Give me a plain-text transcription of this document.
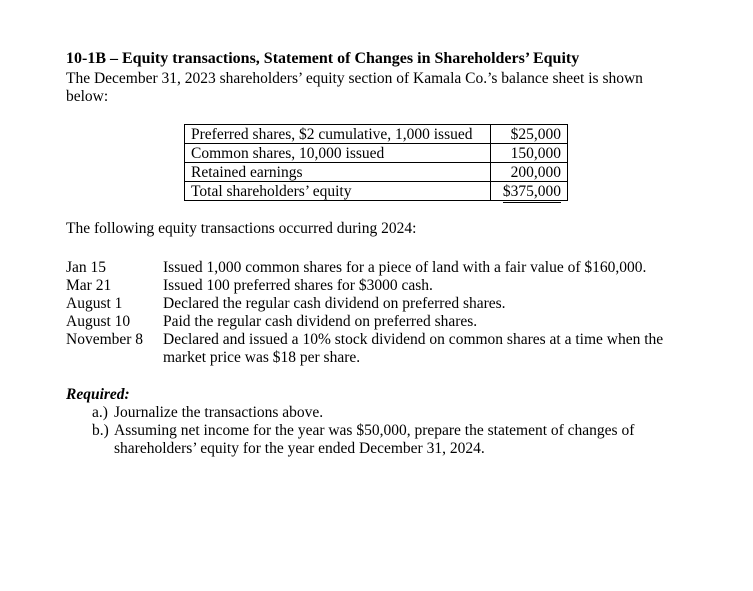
10-1B – Equity transactions, Statement of Changes in Shareholders’ Equity
The December 31, 2023 shareholders’ equity section of Kamala Co.’s balance sheet is shown below:
Preferred shares, $2 cumulative, 1,000 issued	$25,000
Common shares, 10,000 issued	150,000
Retained earnings	200,000
Total shareholders’ equity	$375,000
The following equity transactions occurred during 2024:
Jan 15	Issued 1,000 common shares for a piece of land with a fair value of $160,000.
Mar 21	Issued 100 preferred shares for $3000 cash.
August 1	Declared the regular cash dividend on preferred shares.
August 10	Paid the regular cash dividend on preferred shares.
November 8	Declared and issued a 10% stock dividend on common shares at a time when the market price was $18 per share.
Required:
a.) Journalize the transactions above.
b.) Assuming net income for the year was $50,000, prepare the statement of changes of shareholders’ equity for the year ended December 31, 2024.
